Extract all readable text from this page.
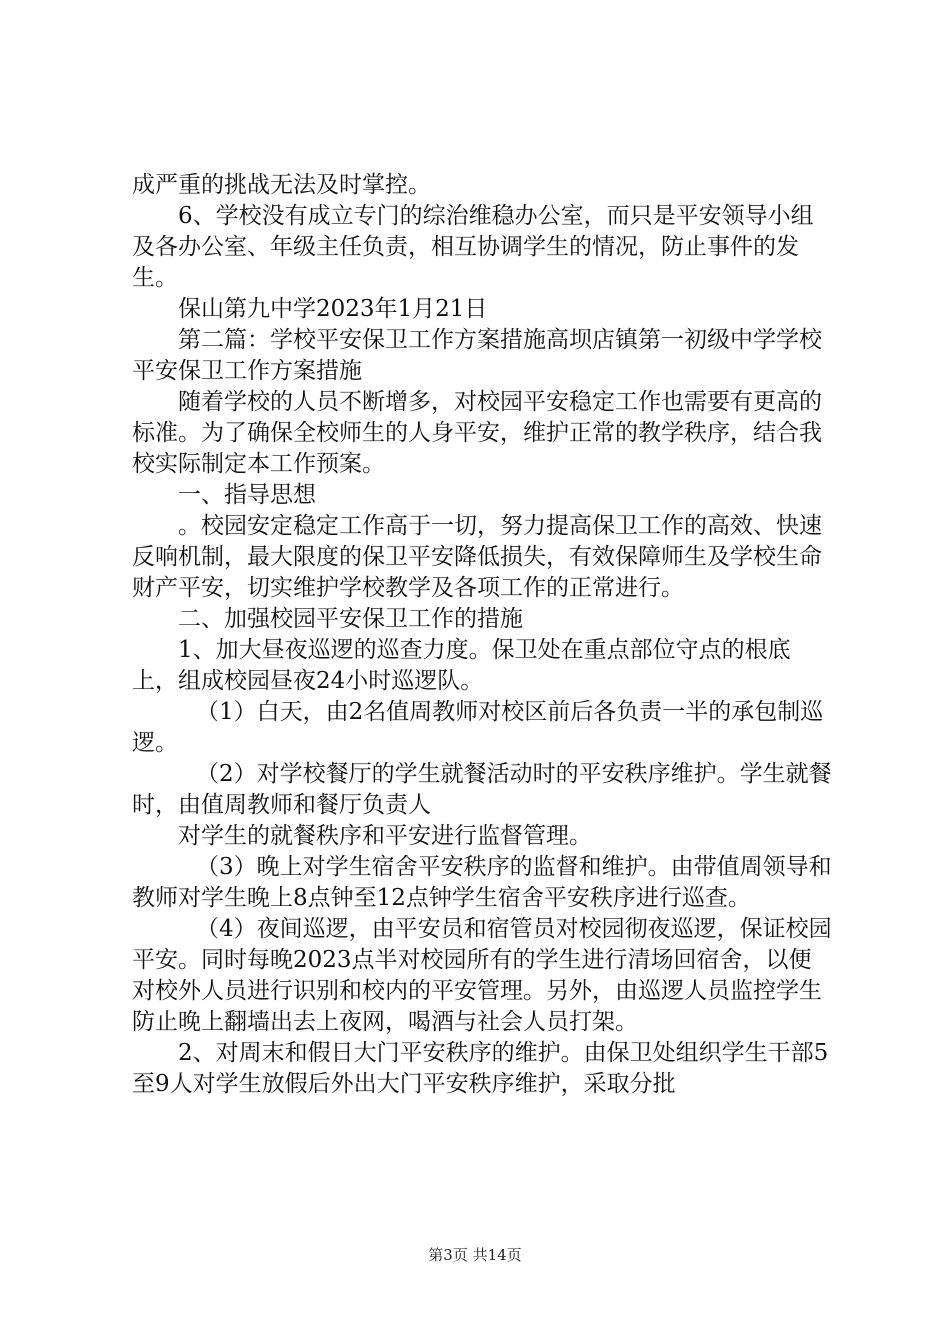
成严重的挑战无法及时掌控。

6、学校没有成立专门的综治维稳办公室，而只是平安领导小组及各办公室、年级主任负责，相互协调学生的情况，防止事件的发生。

保山第九中学2023年1月21日

第二篇：学校平安保卫工作方案措施高坝店镇第一初级中学学校平安保卫工作方案措施

随着学校的人员不断增多，对校园平安稳定工作也需要有更高的标准。为了确保全校师生的人身平安，维护正常的教学秩序，结合我校实际制定本工作预案。

一、指导思想

。校园安定稳定工作高于一切，努力提高保卫工作的高效、快速反响机制，最大限度的保卫平安降低损失，有效保障师生及学校生命财产平安，切实维护学校教学及各项工作的正常进行。

二、加强校园平安保卫工作的措施

1、加大昼夜巡逻的巡查力度。保卫处在重点部位守点的根底上，组成校园昼夜24小时巡逻队。

（1）白天，由2名值周教师对校区前后各负责一半的承包制巡逻。

（2）对学校餐厅的学生就餐活动时的平安秩序维护。学生就餐时，由值周教师和餐厅负责人

对学生的就餐秩序和平安进行监督管理。

（3）晚上对学生宿舍平安秩序的监督和维护。由带值周领导和教师对学生晚上8点钟至12点钟学生宿舍平安秩序进行巡查。

（4）夜间巡逻，由平安员和宿管员对校园彻夜巡逻，保证校园平安。同时每晚2023点半对校园所有的学生进行清场回宿舍，以便对校外人员进行识别和校内的平安管理。另外，由巡逻人员监控学生防止晚上翻墙出去上夜网，喝酒与社会人员打架。

2、对周末和假日大门平安秩序的维护。由保卫处组织学生干部5至9人对学生放假后外出大门平安秩序维护，采取分批

第3页 共14页
